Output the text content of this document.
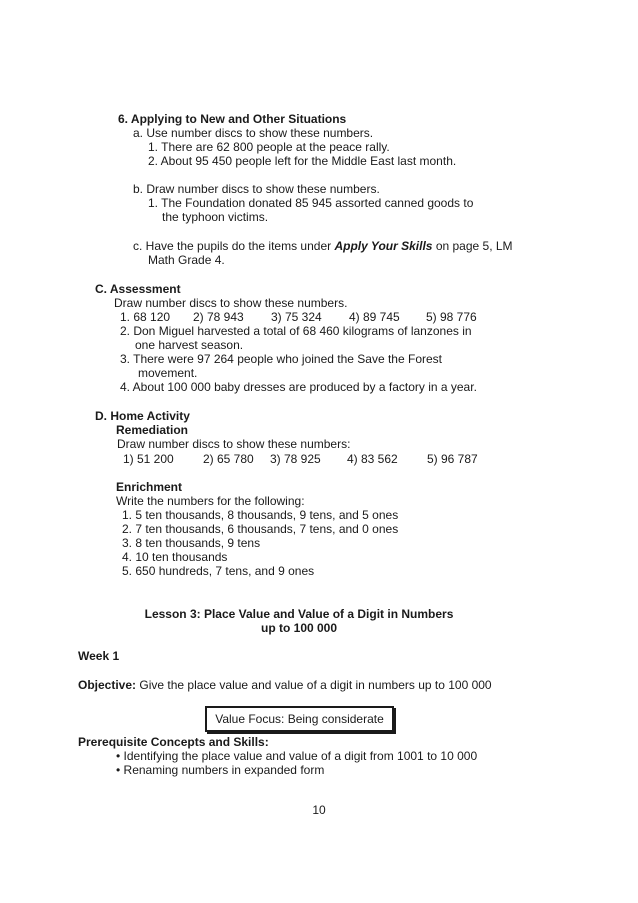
6. Applying to New and Other Situations
a. Use number discs to show these numbers.
1. There are 62 800 people at the peace rally.
2. About 95 450 people left for the Middle East last month.
b. Draw number discs to show these numbers.
1. The Foundation donated 85 945 assorted canned goods to
the typhoon victims.
c. Have the pupils do the items under Apply Your Skills on page 5, LM
Math Grade 4.
C. Assessment
Draw number discs to show these numbers.
1. 68 120 2) 78 943 3) 75 324 4) 89 745 5) 98 776
2. Don Miguel harvested a total of 68 460 kilograms of lanzones in
one harvest season.
3. There were 97 264 people who joined the Save the Forest
movement.
4. About 100 000 baby dresses are produced by a factory in a year.
D. Home Activity
Remediation
Draw number discs to show these numbers:
1) 51 200 2) 65 780 3) 78 925 4) 83 562 5) 96 787
Enrichment
Write the numbers for the following:
1. 5 ten thousands, 8 thousands, 9 tens, and 5 ones
2. 7 ten thousands, 6 thousands, 7 tens, and 0 ones
3. 8 ten thousands, 9 tens
4. 10 ten thousands
5. 650 hundreds, 7 tens, and 9 ones
Lesson 3: Place Value and Value of a Digit in Numbers
up to 100 000
Week 1
Objective: Give the place value and value of a digit in numbers up to 100 000
Value Focus: Being considerate
Prerequisite Concepts and Skills:
• Identifying the place value and value of a digit from 1001 to 10 000
• Renaming numbers in expanded form
10
